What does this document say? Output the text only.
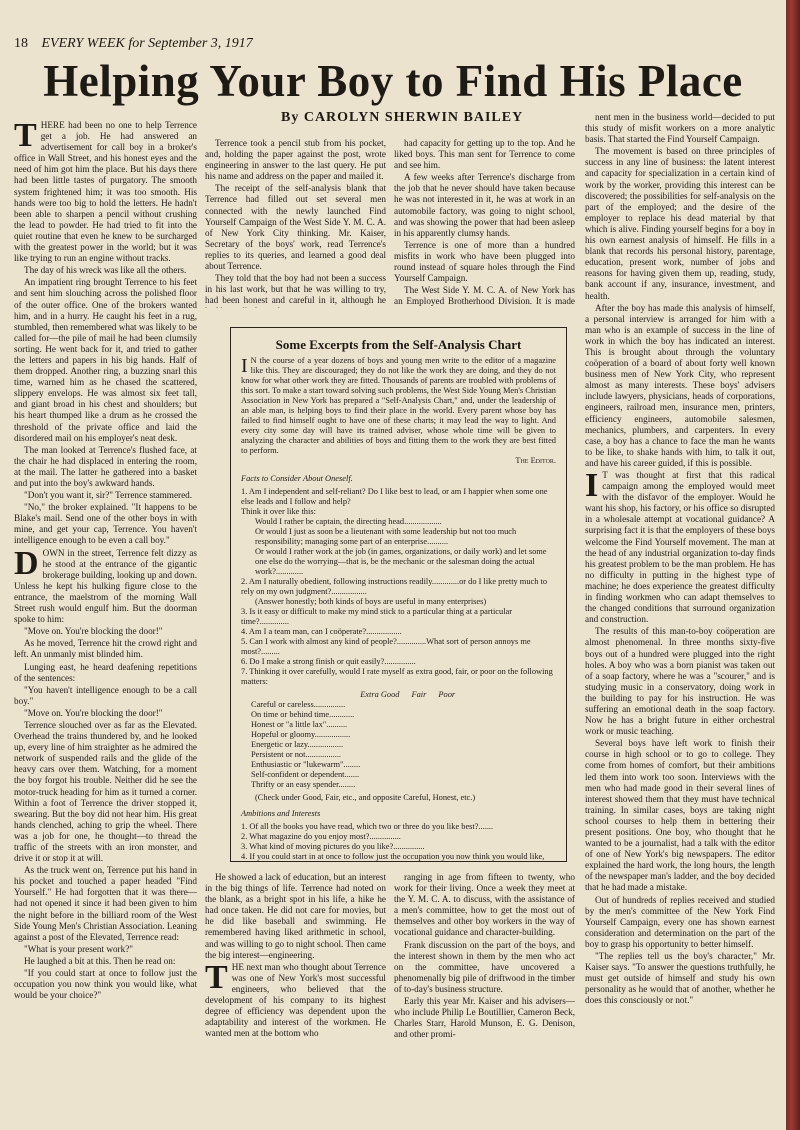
18 EVERY WEEK for September 3, 1917
Helping Your Boy to Find His Place
By CAROLYN SHERWIN BAILEY

THERE had been no one to help Terrence get a job. He had answered an advertisement for call boy in a broker's office in Wall Street, and his honest eyes and the need of him got him the place. But his days there had been little tastes of purgatory. The smooth system frightened him; it was too smooth. His hands were too big to hold the letters. He hadn't been able to sharpen a pencil without crushing the lead to powder. He had tried to fit into the quiet routine that even he knew to be surcharged with the greatest power in the world; but it was like trying to run an engine without tracks.

The day of his wreck was like all the others.

An impatient ring brought Terrence to his feet and sent him slouching across the polished floor of the outer office. One of the brokers wanted him, and in a hurry. He caught his feet in a rug, stumbled, then remembered what was likely to be called for—the pile of mail he had been clumsily sorting. He went back for it, and tried to gather the letters and papers in his big hands. Half of them dropped. Another ring, a buzzing snarl this time, warned him as he chased the scattered, slippery envelops. He was almost six feet tall, and giant broad in his chest and shoulders; but his heart thumped like a drum as he crossed the threshold of the private office and laid the disordered mail on his employer's neat desk.

The man looked at Terrence's flushed face, at the chair he had displaced in entering the room, at the mail. The latter he gathered into a basket and put into the boy's awkward hands.

"Don't you want it, sir?" Terrence stammered.

"No," the broker explained. "It happens to be Blake's mail. Send one of the other boys in with mine, and get your cap, Terrence. You haven't intelligence enough to be even a call boy."

DOWN in the street, Terrence felt dizzy as he stood at the entrance of the gigantic brokerage building, looking up and down. Unless he kept his hulking figure close to the entrance, the maelstrom of the morning Wall Street rush would engulf him. But the doorman spoke to him:

"Move on. You're blocking the door!"

As he moved, Terrence hit the crowd right and left. An unmanly mist blinded him.

Lunging east, he heard deafening repetitions of the sentences:

"You haven't intelligence enough to be a call boy."

"Move on. You're blocking the door!"

Terrence slouched over as far as the Elevated. Overhead the trains thundered by, and he looked up, every line of him straighter as he admired the network of suspended rails and the glide of the heavy cars over them. Watching, for a moment the boy forgot his trouble. Neither did he see the motor-truck heading for him as it turned a corner. Within a foot of Terrence the driver stopped it, swearing. But the boy did not hear him. His great hands clenched, aching to grip the wheel. There was a job for one, he thought—to thread the traffic of the streets with an iron monster, and drive it or stop it at will.

As the truck went on, Terrence put his hand in his pocket and touched a paper headed "Find Yourself." He had forgotten that it was there—had not opened it since it had been given to him the night before in the billiard room of the West Side Young Men's Christian Association. Leaning against a post of the Elevated, Terrence read:

"What is your present work?"

He laughed a bit at this. Then he read on:

"If you could start at once to follow just the occupation you now think you would like, what would be your choice?"

Terrence took a pencil stub from his pocket, and, holding the paper against the post, wrote engineering in answer to the last query. He put his name and address on the paper and mailed it.

The receipt of the self-analysis blank that Terrence had filled out set several men connected with the newly launched Find Yourself Campaign of the West Side Y. M. C. A. of New York City thinking. Mr. Kaiser, Secretary of the boys' work, read Terrence's replies to its queries, and learned a good deal about Terrence.

They told that the boy had not been a success in his last work, but that he was willing to try, had been honest and careful in it, although he

had capacity for getting up to the top. And he liked boys. This man sent for Terrence to come and see him.

A few weeks after Terrence's discharge from the job that he never should have taken because he was not interested in it, he was at work in an automobile factory, was going to night school, and was showing the power that had been asleep in his apparently clumsy hands.

Terrence is one of more than a hundred misfits in work who have been plugged into round instead of square holes through the Find Yourself Campaign.

The West Side Y. M. C. A. of New York has an Employed Brotherhood Division. It is made

nent men in the business world—decided to put this study of misfit workers on a more analytic basis. That started the Find Yourself Campaign.

The movement is based on three principles of success in any line of business: the latent interest and capacity for specialization in a certain kind of work by the worker, providing this interest can be discovered; the possibilities for self-analysis on the part of the employed; and the desire of the employer to replace his dead material by that which is alive. Finding yourself begins for a boy in his own earnest analysis of himself. He fills in a blank that records his personal history, parentage, education, present work, number of jobs and reasons for having given them up, reading, study, bank account if any, insurance, investment, and health.

After the boy has made this analysis of himself, a personal interview is arranged for him with a man who is an example of success in the line of work in which the boy has indicated an interest. This is brought about through the voluntary coöperation of a board of about forty well known business men of New York City, who represent almost as many interests. These boys' advisers include lawyers, physicians, heads of corporations, engineers, railroad men, insurance men, printers, efficiency engineers, automobile salesmen, mechanics, plumbers, and carpenters. In every case, a boy has a chance to face the man he wants to be like, to shake hands with him, to talk it out, and have his career guided, if this is possible.

I T was thought at first that this radical campaign among the employed would meet with the disfavor of the employer. Would he want his shop, his factory, or his office so disrupted in a wholesale attempt at vocational guidance? A surprising fact it is that the employers of these boys welcome the Find Yourself movement. The man at the head of any industrial organization to-day finds his greatest problem to be the man problem. He has no difficulty in putting in the highest type of machine; he does experience the greatest difficulty in finding workmen who can adapt themselves to the changed conditions that surround organization and construction.

The results of this man-to-boy coöperation are almost phenomenal. In three months sixty-five boys out of a hundred were plugged into the right holes. A boy who was a born pianist was taken out of a soap factory, where he was a "scourer," and is studying music in a conservatory, doing work in the building to pay for his instruction. He was suffering an emotional death in the soap factory. Now he has a bright future in either orchestral work or music teaching.

Several boys have left work to finish their course in high school or to go to college. They come from homes of comfort, but their ambitions led them into work too soon. Interviews with the men who had made good in their several lines of interest showed them that they must have technical training. In similar cases, boys are taking night school courses to help them in bettering their present positions. One boy, who thought that he wanted to be a journalist, had a talk with the editor of one of New York's big newspapers. The editor explained the hard work, the long hours, the length of the newspaper man's ladder, and the boy decided that he had made a mistake.

Out of hundreds of replies received and studied by the men's committee of the New York Find Yourself Campaign, every one has shown earnest consideration and determination on the part of the boy to grasp his opportunity to better himself.

"The replies tell us the boy's character," Mr. Kaiser says. "To answer the questions truthfully, he must get outside of himself and study his own personality as he would that of another, whether he does this consciously or not."

Some Excerpts from the Self-Analysis Chart

I N the course of a year dozens of boys and young men write to the editor of a magazine like this. They are discouraged; they do not like the work they are doing, and they do not know for what other work they are fitted. Thousands of parents are troubled with problems of this sort. To make a start toward solving such problems, the West Side Young Men's Christian Association in New York has prepared a "Self-Analysis Chart," and, under the leadership of an able man, is helping boys to find their place in the world. Every parent whose boy has failed to find himself ought to have one of these charts; it may lead the way to light. And every city some day will have its trained adviser, whose whole time will be given to analyzing the character and abilities of boys and fitting them to the work they are best fitted to perform.

The Editor.

Facts to Consider About Oneself.

1. Am I independent and self-reliant? Do I like best to lead, or am I happier when some one else leads and I follow and help?

Think it over like this:

Would I rather be captain, the directing head..................

Or would I just as soon be a lieutenant with some leadership but not too much responsibility; managing some part of an enterprise..........

Or would I rather work at the job (in games, organizations, or daily work) and let some one else do the worrying—that is, be the mechanic or the salesman doing the actual work?.............

2. Am I naturally obedient, following instructions readily.............or do I like pretty much to rely on my own judgment?.................

(Answer honestly; both kinds of boys are useful in many enterprises)

3. Is it easy or difficult to make my mind stick to a particular thing at a particular time?..............

4. Am I a team man, can I coöperate?.................

5. Can I work with almost any kind of people?..............What sort of person annoys me most?.........

6. Do I make a strong finish or quit easily?...............

7. Thinking it over carefully, would I rate myself as extra good, fair, or poor on the following matters:

	Extra Good	Fair	Poor
Careful or careless...............			
On time or behind time............			
Honest or "a little lax"..........			
Hopeful or gloomy.................			
Energetic or lazy.................			
Persistent or not.................			
Enthusiastic or "lukewarm"........			
Self-confident or dependent.......			
Thrifty or an easy spender........			

(Check under Good, Fair, etc., and opposite Careful, Honest, etc.)

Ambitions and Interests

1. Of all the books you have read, which two or three do you like best?.......

2. What magazine do you enjoy most?...............

3. What kind of moving pictures do you like?...............

4. If you could start in at once to follow just the occupation you now think you would like,

He showed a lack of education, but an interest in the big things of life. Terrence had noted on the blank, as a bright spot in his life, a hike he had once taken. He did not care for movies, but he did like baseball and swimming. He remembered having liked arithmetic in school, and was willing to go to night school. Then came the big interest—engineering.

THE next man who thought about Terrence was one of New York's most successful engineers, who believed that the development of his company to its highest degree of efficiency was dependent upon the adaptability and interest of the workmen. He wanted men at the bottom who

ranging in age from fifteen to twenty, who work for their living. Once a week they meet at the Y. M. C. A. to discuss, with the assistance of a men's committee, how to get the most out of themselves and other boy workers in the way of vocational guidance and character-building.

Frank discussion on the part of the boys, and the interest shown in them by the men who act on the committee, have uncovered a phenomenally big pile of driftwood in the timber of to-day's business structure.

Early this year Mr. Kaiser and his advisers—who include Philip Le Boutillier, Cameron Beck, Charles Starr, Harold Munson, E. G. Denison, and other promi-
